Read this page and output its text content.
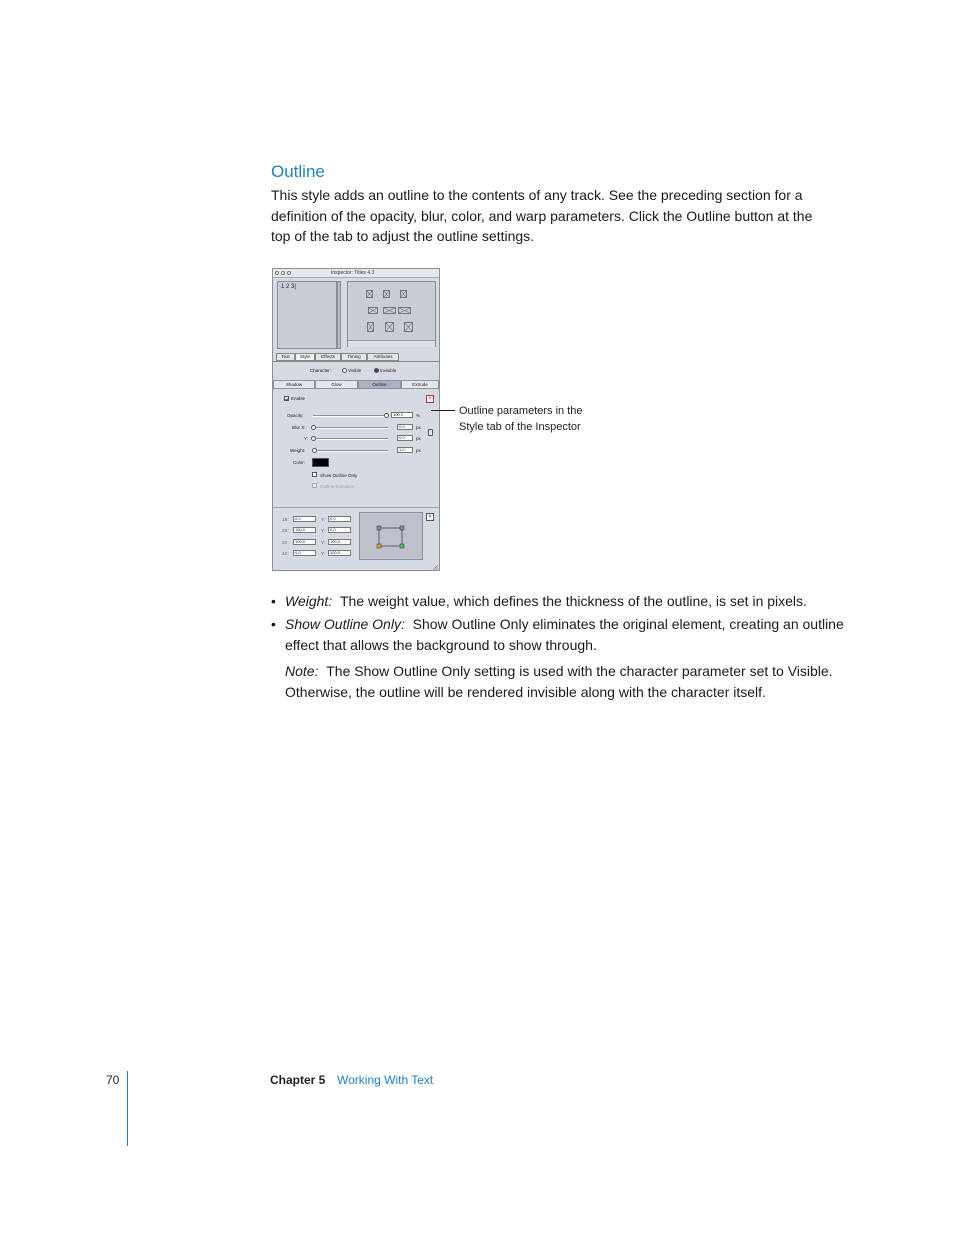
Outline

This style adds an outline to the contents of any track. See the preceding section for a definition of the opacity, blur, color, and warp parameters. Click the Outline button at the top of the tab to adjust the outline settings.

Inspector: Titles 4.3
1 2 3|
Text	Style	Effects	Timing	Attributes
Character:	Visible	Invisible
Shadow	Glow	Outline	Extrude
Enable	×
Opacity:	100.0	%
Blur X:	0.0	px
Y:	0.0	px
Weight:	1.0	px
Color:
Show Outline Only
Outline Extrusion
1X:	0.0	Y:	0.0
2X:	100.0	Y:	0.0
3X:	100.0	Y:	100.0
4X:	0.0	Y:	100.0
×
Outline parameters in the Style tab of the Inspector

• Weight: The weight value, which defines the thickness of the outline, is set in pixels.

• Show Outline Only: Show Outline Only eliminates the original element, creating an outline effect that allows the background to show through.

Note: The Show Outline Only setting is used with the character parameter set to Visible. Otherwise, the outline will be rendered invisible along with the character itself.

70	Chapter 5 Working With Text
